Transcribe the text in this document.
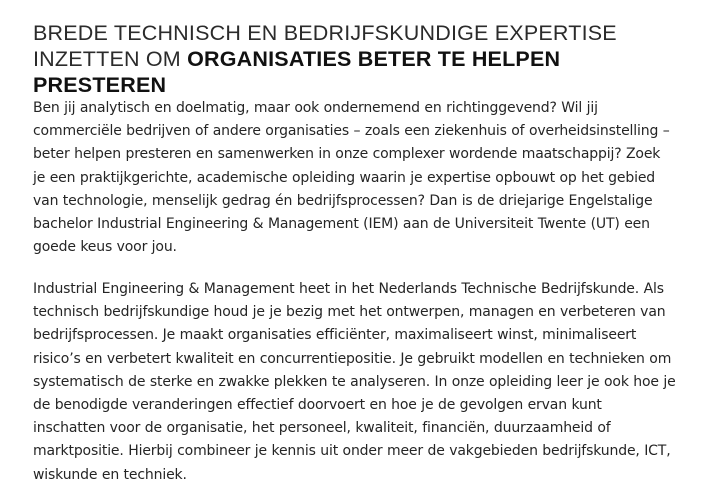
BREDE TECHNISCH EN BEDRIJFSKUNDIGE EXPERTISE
INZETTEN OM ORGANISATIES BETER TE HELPEN PRESTEREN

Ben jij analytisch en doelmatig, maar ook ondernemend en richtinggevend? Wil jij
commerciële bedrijven of andere organisaties – zoals een ziekenhuis of overheidsinstelling –
beter helpen presteren en samenwerken in onze complexer wordende maatschappij? Zoek
je een praktijkgerichte, academische opleiding waarin je expertise opbouwt op het gebied
van technologie, menselijk gedrag én bedrijfsprocessen? Dan is de driejarige Engelstalige
bachelor Industrial Engineering & Management (IEM) aan de Universiteit Twente (UT) een
goede keus voor jou.

Industrial Engineering & Management heet in het Nederlands Technische Bedrijfskunde. Als
technisch bedrijfskundige houd je je bezig met het ontwerpen, managen en verbeteren van
bedrijfsprocessen. Je maakt organisaties efficiënter, maximaliseert winst, minimaliseert
risico’s en verbetert kwaliteit en concurrentiepositie. Je gebruikt modellen en technieken om
systematisch de sterke en zwakke plekken te analyseren. In onze opleiding leer je ook hoe je
de benodigde veranderingen effectief doorvoert en hoe je de gevolgen ervan kunt
inschatten voor de organisatie, het personeel, kwaliteit, financiën, duurzaamheid of
marktpositie. Hierbij combineer je kennis uit onder meer de vakgebieden bedrijfskunde, ICT,
wiskunde en techniek.
